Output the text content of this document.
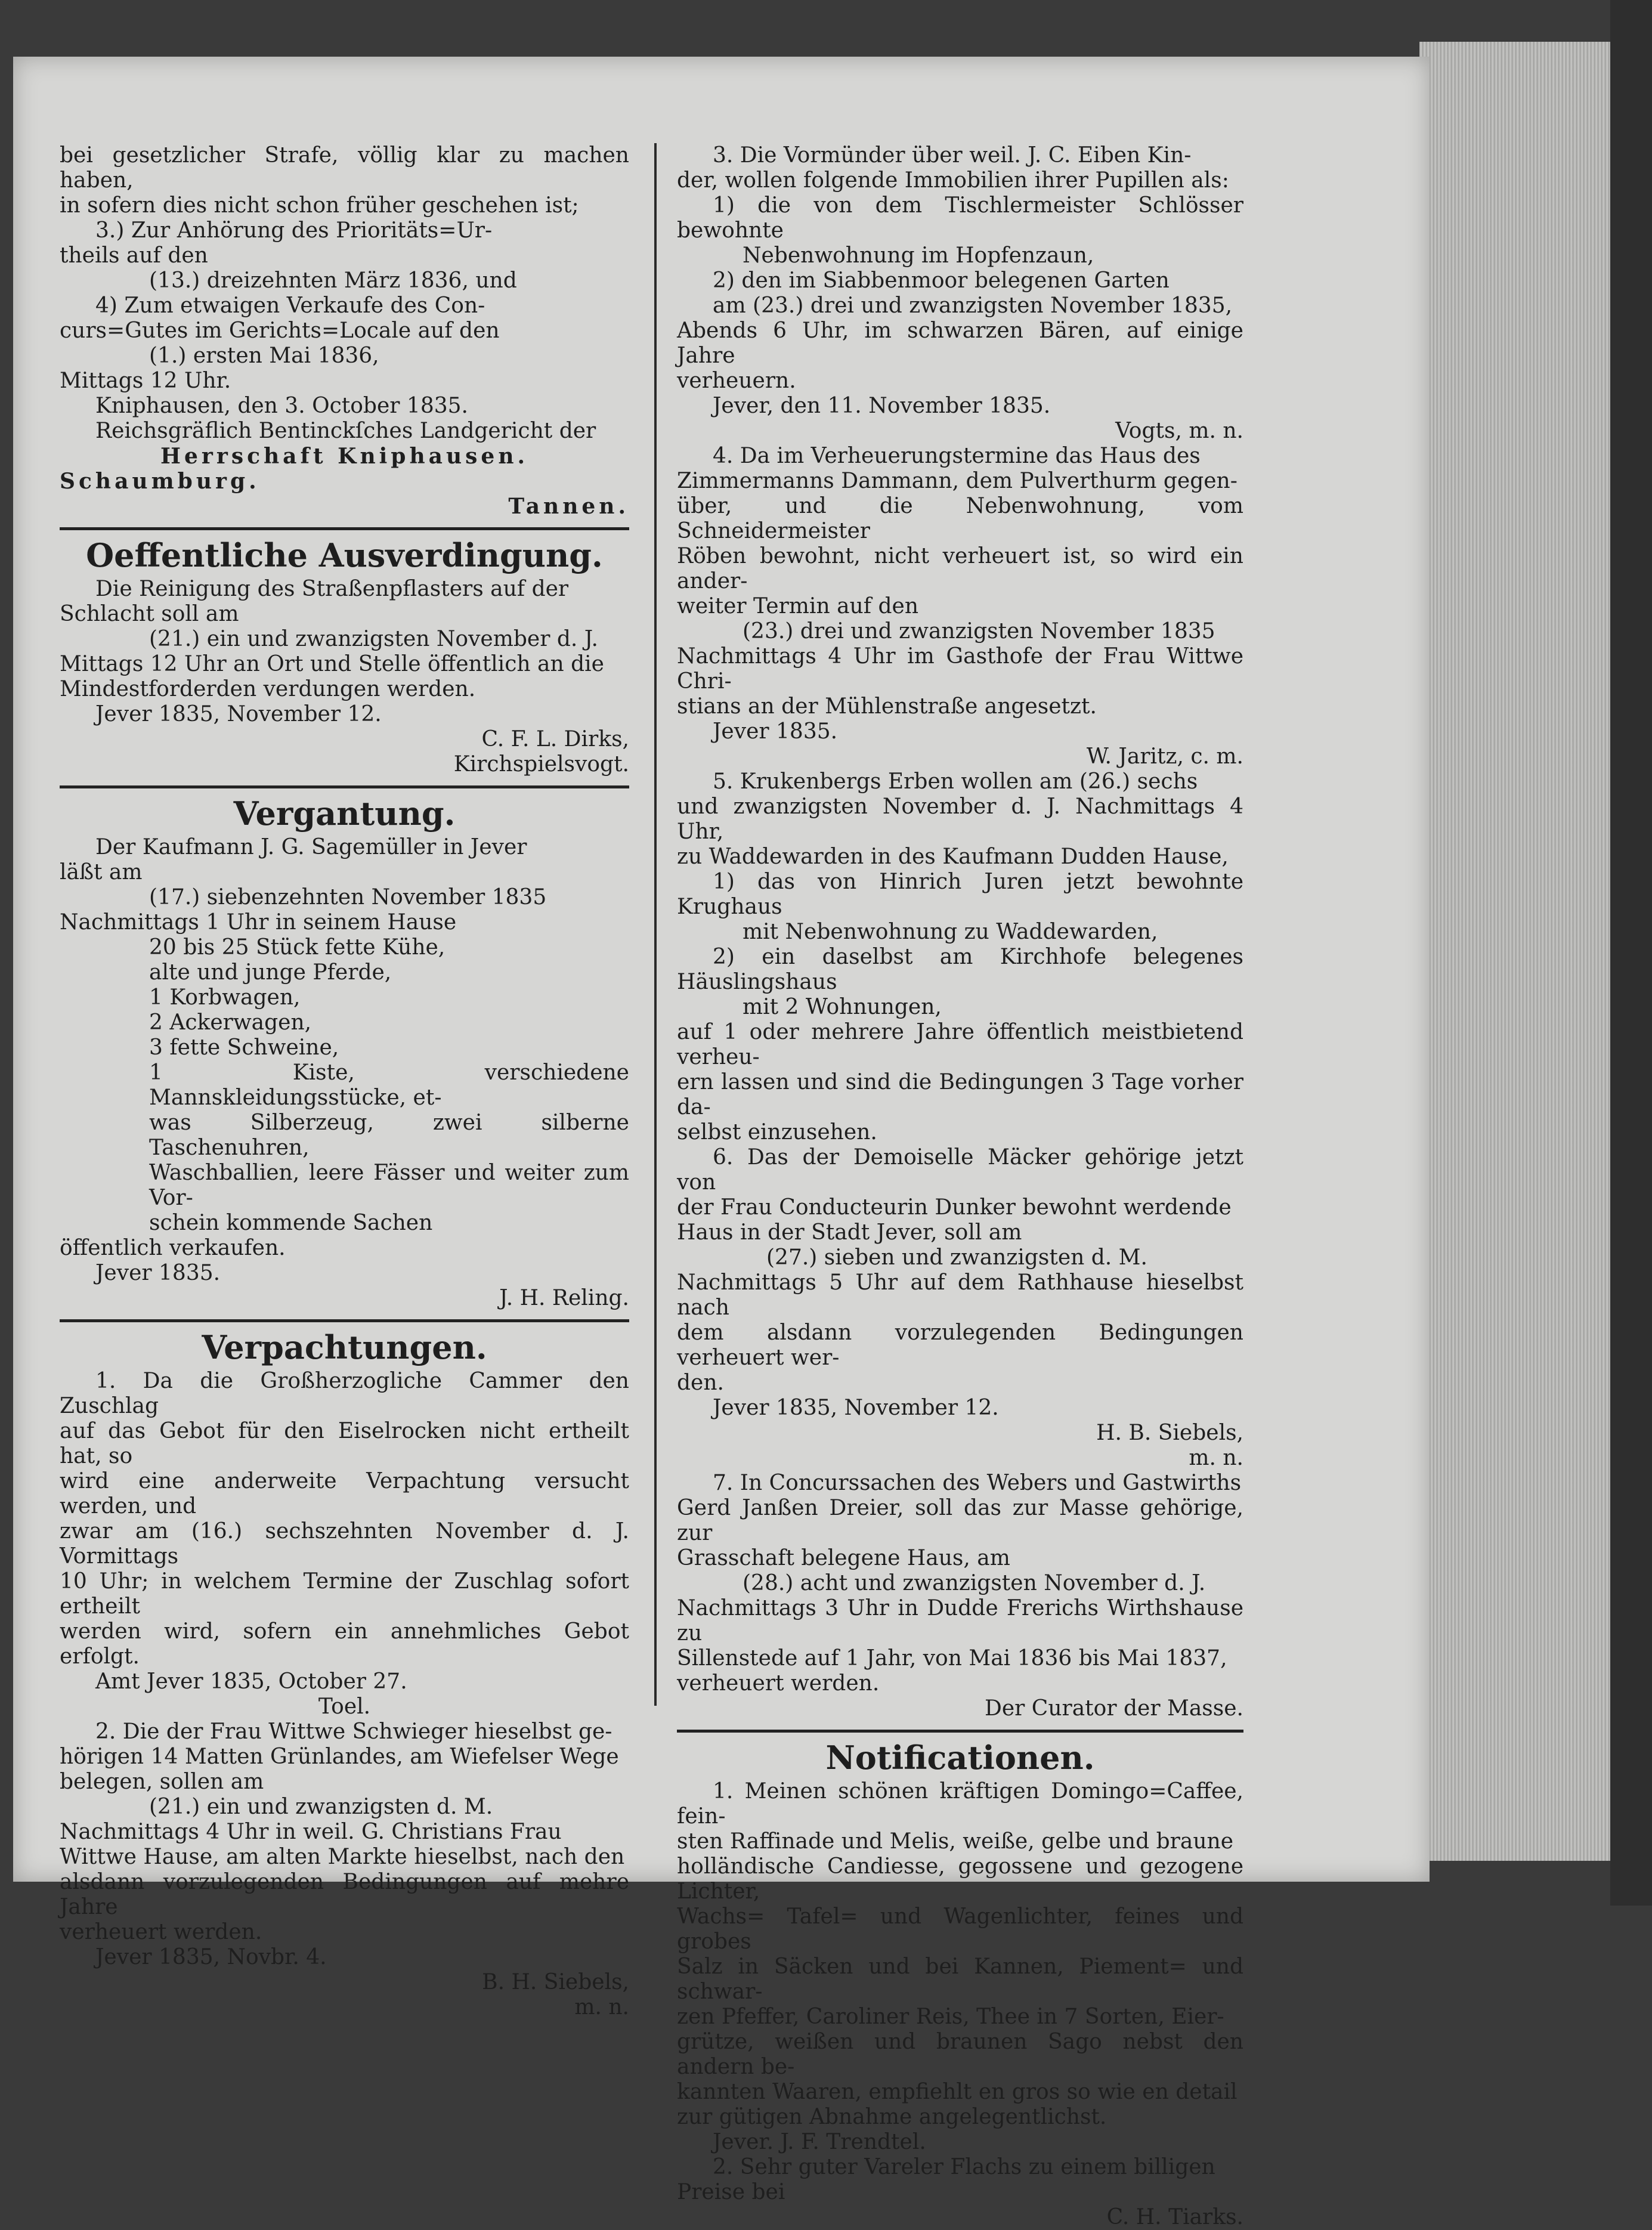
bei gesetzlicher Strafe, völlig klar zu machen haben,

in sofern dies nicht schon früher geschehen ist;

3.) Zur Anhörung des Prioritäts=Ur-

theils auf den

(13.) dreizehnten März 1836, und

4) Zum etwaigen Verkaufe des Con-

curs=Gutes im Gerichts=Locale auf den

(1.) ersten Mai 1836,

Mittags 12 Uhr.

Kniphausen, den 3. October 1835.

Reichsgräflich Bentinckſches Landgericht der

Herrschaft Kniphausen.

Schaumburg.

Tannen.

Oeffentliche Ausverdingung.

Die Reinigung des Straßenpflasters auf der

Schlacht soll am

(21.) ein und zwanzigsten November d. J.

Mittags 12 Uhr an Ort und Stelle öffentlich an die

Mindestforderden verdungen werden.

Jever 1835, November 12.

C. F. L. Dirks,

Kirchspielsvogt.

Vergantung.

Der Kaufmann J. G. Sagemüller in Jever

läßt am

(17.) siebenzehnten November 1835

Nachmittags 1 Uhr in seinem Hause

20 bis 25 Stück fette Kühe,

alte und junge Pferde,

1 Korbwagen,

2 Ackerwagen,

3 fette Schweine,

1 Kiste, verschiedene Mannskleidungsstücke, et-

was Silberzeug, zwei silberne Taschenuhren,

Waschballien, leere Fässer und weiter zum Vor-

schein kommende Sachen

öffentlich verkaufen.

Jever 1835.

J. H. Reling.

Verpachtungen.

1. Da die Großherzogliche Cammer den Zuschlag

auf das Gebot für den Eiselrocken nicht ertheilt hat, so

wird eine anderweite Verpachtung versucht werden, und

zwar am (16.) sechszehnten November d. J. Vormittags

10 Uhr; in welchem Termine der Zuschlag sofort ertheilt

werden wird, sofern ein annehmliches Gebot erfolgt.

Amt Jever 1835, October 27.

Toel.

2. Die der Frau Wittwe Schwieger hieselbst ge-

hörigen 14 Matten Grünlandes, am Wiefelser Wege

belegen, sollen am

(21.) ein und zwanzigsten d. M.

Nachmittags 4 Uhr in weil. G. Christians Frau

Wittwe Hause, am alten Markte hieselbst, nach den

alsdann vorzulegenden Bedingungen auf mehre Jahre

verheuert werden.

Jever 1835, Novbr. 4.

B. H. Siebels,

m. n.

3. Die Vormünder über weil. J. C. Eiben Kin-

der, wollen folgende Immobilien ihrer Pupillen als:

1) die von dem Tischlermeister Schlösser bewohnte

Nebenwohnung im Hopfenzaun,

2) den im Siabbenmoor belegenen Garten

am (23.) drei und zwanzigsten November 1835,

Abends 6 Uhr, im schwarzen Bären, auf einige Jahre

verheuern.

Jever, den 11. November 1835.

Vogts, m. n.

4. Da im Verheuerungstermine das Haus des

Zimmermanns Dammann, dem Pulverthurm gegen-

über, und die Nebenwohnung, vom Schneidermeister

Röben bewohnt, nicht verheuert ist, so wird ein ander-

weiter Termin auf den

(23.) drei und zwanzigsten November 1835

Nachmittags 4 Uhr im Gasthofe der Frau Wittwe Chri-

stians an der Mühlenstraße angesetzt.

Jever 1835.

W. Jaritz, c. m.

5. Krukenbergs Erben wollen am (26.) sechs

und zwanzigsten November d. J. Nachmittags 4 Uhr,

zu Waddewarden in des Kaufmann Dudden Hause,

1) das von Hinrich Juren jetzt bewohnte Krughaus

mit Nebenwohnung zu Waddewarden,

2) ein daselbst am Kirchhofe belegenes Häuslingshaus

mit 2 Wohnungen,

auf 1 oder mehrere Jahre öffentlich meistbietend verheu-

ern lassen und sind die Bedingungen 3 Tage vorher da-

selbst einzusehen.

6. Das der Demoiselle Mäcker gehörige jetzt von

der Frau Conducteurin Dunker bewohnt werdende

Haus in der Stadt Jever, soll am

(27.) sieben und zwanzigsten d. M.

Nachmittags 5 Uhr auf dem Rathhause hieselbst nach

dem alsdann vorzulegenden Bedingungen verheuert wer-

den.

Jever 1835, November 12.

H. B. Siebels,

m. n.

7. In Concurssachen des Webers und Gastwirths

Gerd Janßen Dreier, soll das zur Masse gehörige, zur

Grasschaft belegene Haus, am

(28.) acht und zwanzigsten November d. J.

Nachmittags 3 Uhr in Dudde Frerichs Wirthshause zu

Sillenstede auf 1 Jahr, von Mai 1836 bis Mai 1837,

verheuert werden.

Der Curator der Masse.

Notificationen.

1. Meinen schönen kräftigen Domingo=Caffee, fein-

sten Raffinade und Melis, weiße, gelbe und braune

holländische Candiesse, gegossene und gezogene Lichter,

Wachs= Tafel= und Wagenlichter, feines und grobes

Salz in Säcken und bei Kannen, Piement= und schwar-

zen Pfeffer, Caroliner Reis, Thee in 7 Sorten, Eier-

grütze, weißen und braunen Sago nebst den andern be-

kannten Waaren, empfiehlt en gros so wie en detail

zur gütigen Abnahme angelegentlichst.

Jever. J. F. Trendtel.

2. Sehr guter Vareler Flachs zu einem billigen

Preise bei

C. H. Tiarks.
